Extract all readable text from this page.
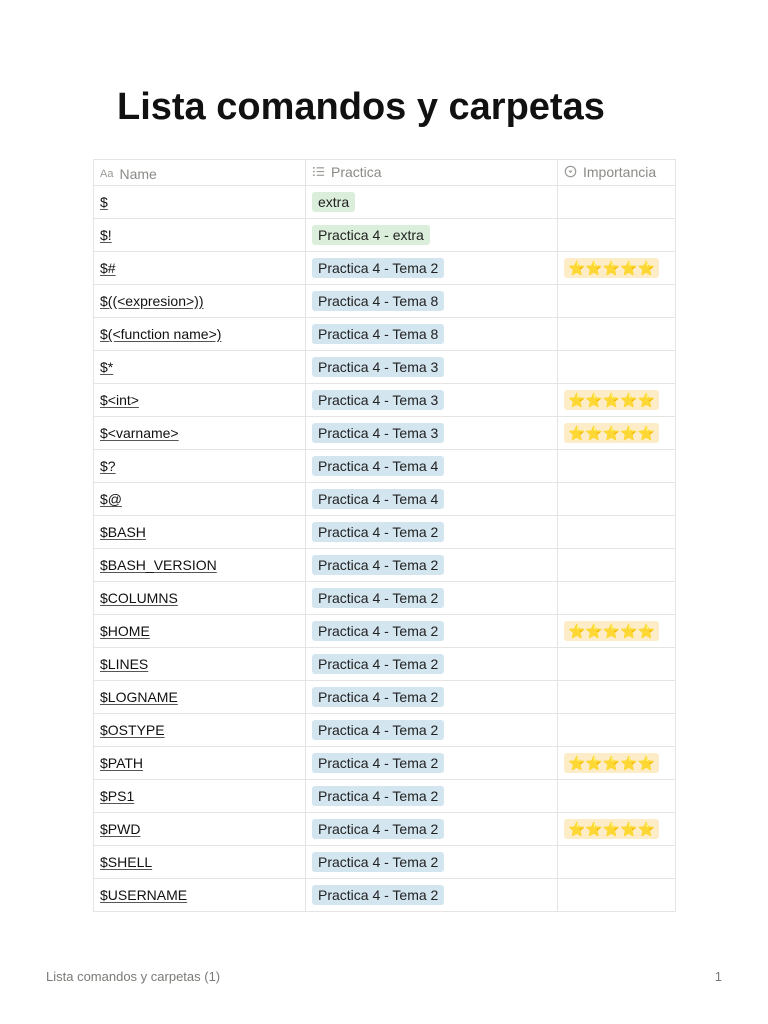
Lista comandos y carpetas
Aa Name	Practica	Importancia

$	extra	
$!	Practica 4 - extra	
$#	Practica 4 - Tema 2	⭐⭐⭐⭐⭐
$((<expresion>))	Practica 4 - Tema 8	
$(<function name>)	Practica 4 - Tema 8	
$*	Practica 4 - Tema 3	
$<int>	Practica 4 - Tema 3	⭐⭐⭐⭐⭐
$<varname>	Practica 4 - Tema 3	⭐⭐⭐⭐⭐
$?	Practica 4 - Tema 4	
$@	Practica 4 - Tema 4	
$BASH	Practica 4 - Tema 2	
$BASH_VERSION	Practica 4 - Tema 2	
$COLUMNS	Practica 4 - Tema 2	
$HOME	Practica 4 - Tema 2	⭐⭐⭐⭐⭐
$LINES	Practica 4 - Tema 2	
$LOGNAME	Practica 4 - Tema 2	
$OSTYPE	Practica 4 - Tema 2	
$PATH	Practica 4 - Tema 2	⭐⭐⭐⭐⭐
$PS1	Practica 4 - Tema 2	
$PWD	Practica 4 - Tema 2	⭐⭐⭐⭐⭐
$SHELL	Practica 4 - Tema 2	
$USERNAME	Practica 4 - Tema 2	
Lista comandos y carpetas (1)	1
